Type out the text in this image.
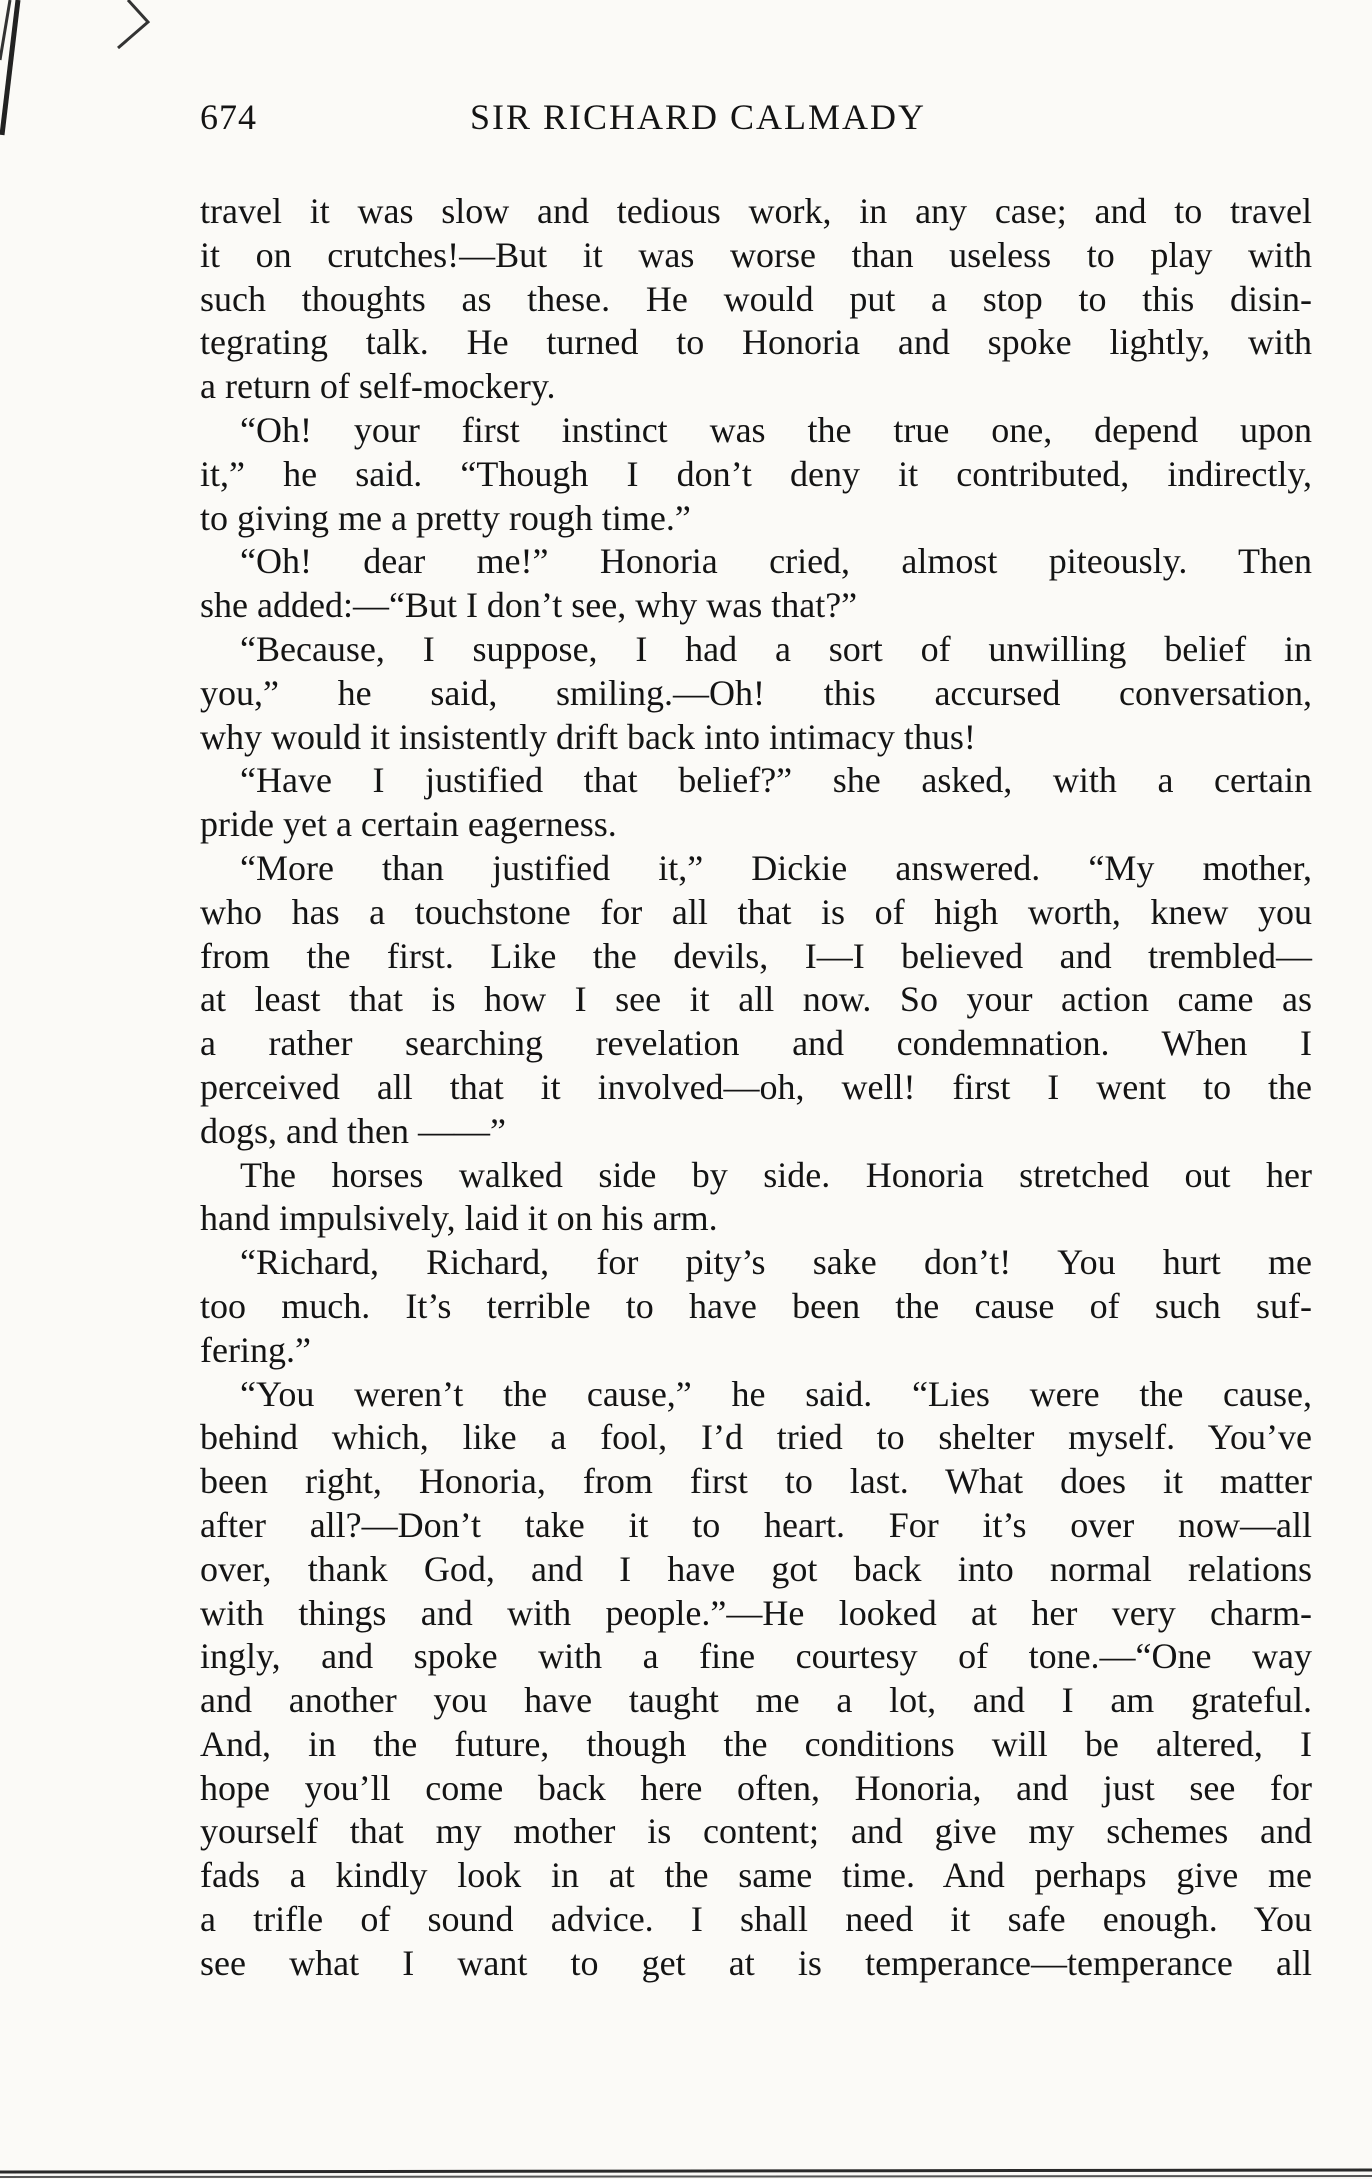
674	SIR RICHARD CALMADY
travel it was slow and tedious work, in any case; and to travel
it on crutches!—But it was worse than useless to play with
such thoughts as these. He would put a stop to this disin-
tegrating talk. He turned to Honoria and spoke lightly, with
a return of self-mockery.
“Oh! your first instinct was the true one, depend upon
it,” he said. “Though I don’t deny it contributed, indirectly,
to giving me a pretty rough time.”
“Oh! dear me!” Honoria cried, almost piteously. Then
she added:—“But I don’t see, why was that?”
“Because, I suppose, I had a sort of unwilling belief in
you,” he said, smiling.—Oh! this accursed conversation,
why would it insistently drift back into intimacy thus!
“Have I justified that belief?” she asked, with a certain
pride yet a certain eagerness.
“More than justified it,” Dickie answered. “My mother,
who has a touchstone for all that is of high worth, knew you
from the first. Like the devils, I—I believed and trembled—
at least that is how I see it all now. So your action came as
a rather searching revelation and condemnation. When I
perceived all that it involved—oh, well! first I went to the
dogs, and then ——”
The horses walked side by side. Honoria stretched out her
hand impulsively, laid it on his arm.
“Richard, Richard, for pity’s sake don’t! You hurt me
too much. It’s terrible to have been the cause of such suf-
fering.”
“You weren’t the cause,” he said. “Lies were the cause,
behind which, like a fool, I’d tried to shelter myself. You’ve
been right, Honoria, from first to last. What does it matter
after all?—Don’t take it to heart. For it’s over now—all
over, thank God, and I have got back into normal relations
with things and with people.”—He looked at her very charm-
ingly, and spoke with a fine courtesy of tone.—“One way
and another you have taught me a lot, and I am grateful.
And, in the future, though the conditions will be altered, I
hope you’ll come back here often, Honoria, and just see for
yourself that my mother is content; and give my schemes and
fads a kindly look in at the same time. And perhaps give me
a trifle of sound advice. I shall need it safe enough. You
see what I want to get at is temperance—temperance all
